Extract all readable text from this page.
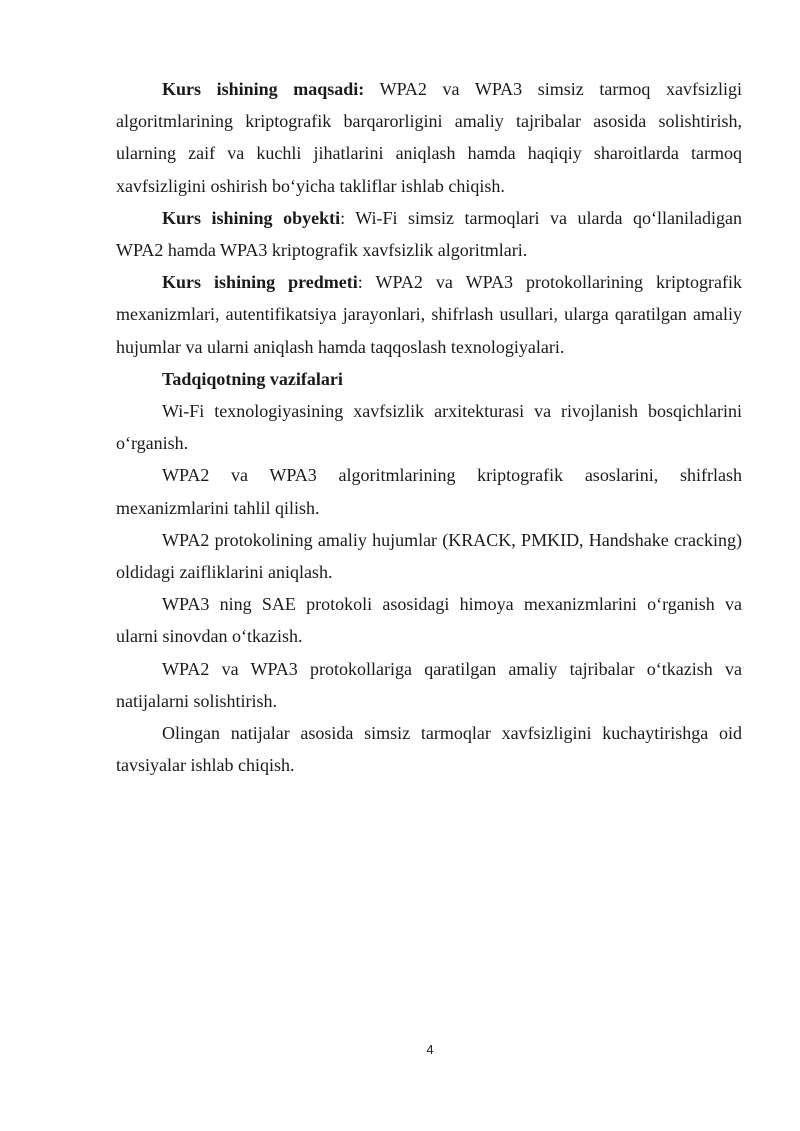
Kurs ishining maqsadi: WPA2 va WPA3 simsiz tarmoq xavfsizligi algoritmlarining kriptografik barqarorligini amaliy tajribalar asosida solishtirish, ularning zaif va kuchli jihatlarini aniqlash hamda haqiqiy sharoitlarda tarmoq xavfsizligini oshirish bo‘yicha takliflar ishlab chiqish.

Kurs ishining obyekti: Wi-Fi simsiz tarmoqlari va ularda qo‘llaniladigan WPA2 hamda WPA3 kriptografik xavfsizlik algoritmlari.

Kurs ishining predmeti: WPA2 va WPA3 protokollarining kriptografik mexanizmlari, autentifikatsiya jarayonlari, shifrlash usullari, ularga qaratilgan amaliy hujumlar va ularni aniqlash hamda taqqoslash texnologiyalari.

Tadqiqotning vazifalari

Wi-Fi texnologiyasining xavfsizlik arxitekturasi va rivojlanish bosqichlarini o‘rganish.

WPA2 va WPA3 algoritmlarining kriptografik asoslarini, shifrlash mexanizmlarini tahlil qilish.

WPA2 protokolining amaliy hujumlar (KRACK, PMKID, Handshake cracking) oldidagi zaifliklarini aniqlash.

WPA3 ning SAE protokoli asosidagi himoya mexanizmlarini o‘rganish va ularni sinovdan o‘tkazish.

WPA2 va WPA3 protokollariga qaratilgan amaliy tajribalar o‘tkazish va natijalarni solishtirish.

Olingan natijalar asosida simsiz tarmoqlar xavfsizligini kuchaytirishga oid tavsiyalar ishlab chiqish.

4
